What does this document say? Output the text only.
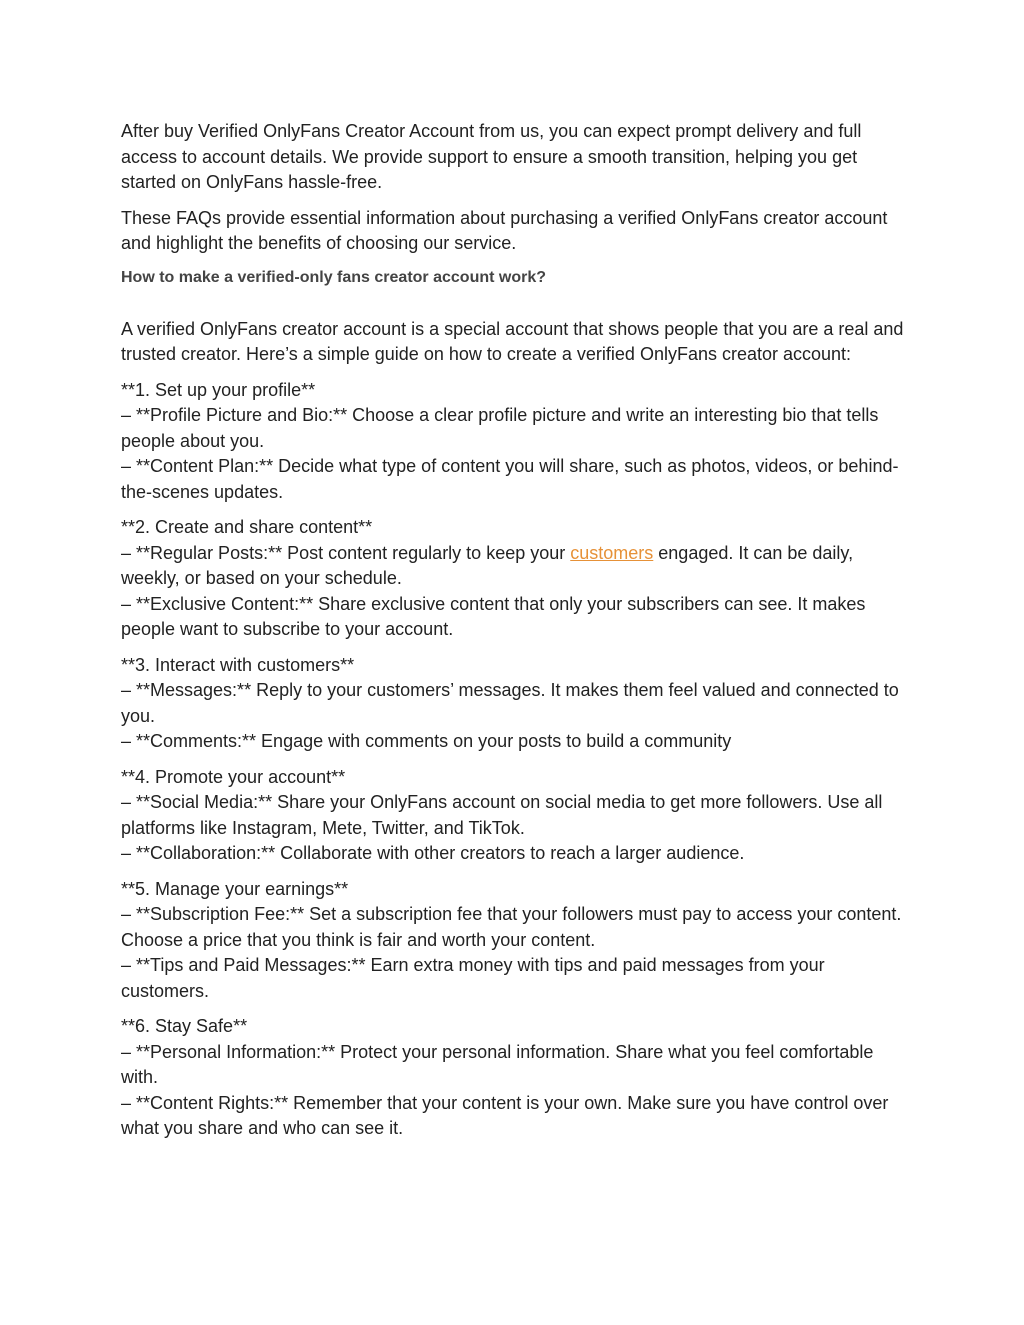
After buy Verified OnlyFans Creator Account from us, you can expect prompt delivery and full access to account details. We provide support to ensure a smooth transition, helping you get started on OnlyFans hassle-free.

These FAQs provide essential information about purchasing a verified OnlyFans creator account and highlight the benefits of choosing our service.

How to make a verified-only fans creator account work?

A verified OnlyFans creator account is a special account that shows people that you are a real and trusted creator. Here’s a simple guide on how to create a verified OnlyFans creator account:

**1. Set up your profile**
– **Profile Picture and Bio:** Choose a clear profile picture and write an interesting bio that tells people about you.
– **Content Plan:** Decide what type of content you will share, such as photos, videos, or behind-the-scenes updates.

**2. Create and share content**
– **Regular Posts:** Post content regularly to keep your customers engaged. It can be daily, weekly, or based on your schedule.
– **Exclusive Content:** Share exclusive content that only your subscribers can see. It makes people want to subscribe to your account.

**3. Interact with customers**
– **Messages:** Reply to your customers’ messages. It makes them feel valued and connected to you.
– **Comments:** Engage with comments on your posts to build a community

**4. Promote your account**
– **Social Media:** Share your OnlyFans account on social media to get more followers. Use all platforms like Instagram, Mete, Twitter, and TikTok.
– **Collaboration:** Collaborate with other creators to reach a larger audience.

**5. Manage your earnings**
– **Subscription Fee:** Set a subscription fee that your followers must pay to access your content. Choose a price that you think is fair and worth your content.
– **Tips and Paid Messages:** Earn extra money with tips and paid messages from your customers.

**6. Stay Safe**
– **Personal Information:** Protect your personal information. Share what you feel comfortable with.
– **Content Rights:** Remember that your content is your own. Make sure you have control over what you share and who can see it.
